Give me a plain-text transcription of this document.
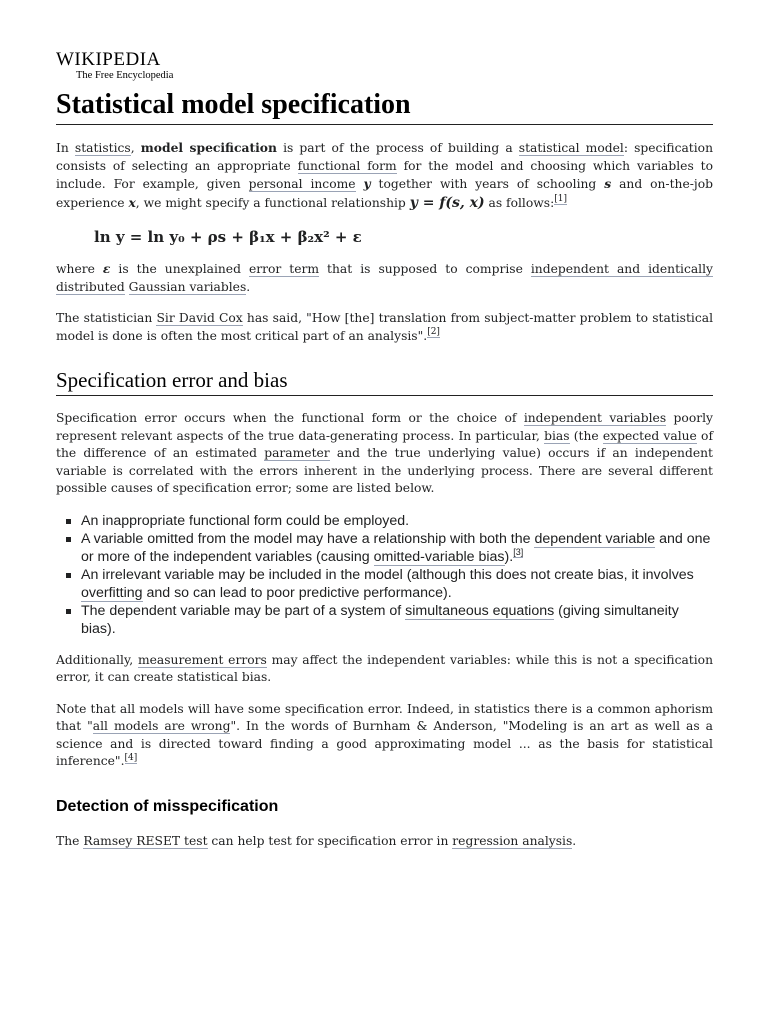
WIKIPEDIA
The Free Encyclopedia
Statistical model specification

In statistics, model specification is part of the process of building a statistical model: specification consists of selecting an appropriate functional form for the model and choosing which variables to include. For example, given personal income y together with years of schooling s and on-the-job experience x, we might specify a functional relationship y = f(s, x) as follows:[1]

ln y = ln y₀ + ρs + β₁x + β₂x² + ε

where ε is the unexplained error term that is supposed to comprise independent and identically distributed Gaussian variables.

The statistician Sir David Cox has said, "How [the] translation from subject-matter problem to statistical model is done is often the most critical part of an analysis".[2]

Specification error and bias

Specification error occurs when the functional form or the choice of independent variables poorly represent relevant aspects of the true data-generating process. In particular, bias (the expected value of the difference of an estimated parameter and the true underlying value) occurs if an independent variable is correlated with the errors inherent in the underlying process. There are several different possible causes of specification error; some are listed below.

An inappropriate functional form could be employed.
A variable omitted from the model may have a relationship with both the dependent variable and one or more of the independent variables (causing omitted-variable bias).[3]
An irrelevant variable may be included in the model (although this does not create bias, it involves overfitting and so can lead to poor predictive performance).
The dependent variable may be part of a system of simultaneous equations (giving simultaneity bias).

Additionally, measurement errors may affect the independent variables: while this is not a specification error, it can create statistical bias.

Note that all models will have some specification error. Indeed, in statistics there is a common aphorism that "all models are wrong". In the words of Burnham & Anderson, "Modeling is an art as well as a science and is directed toward finding a good approximating model ... as the basis for statistical inference".[4]

Detection of misspecification

The Ramsey RESET test can help test for specification error in regression analysis.
